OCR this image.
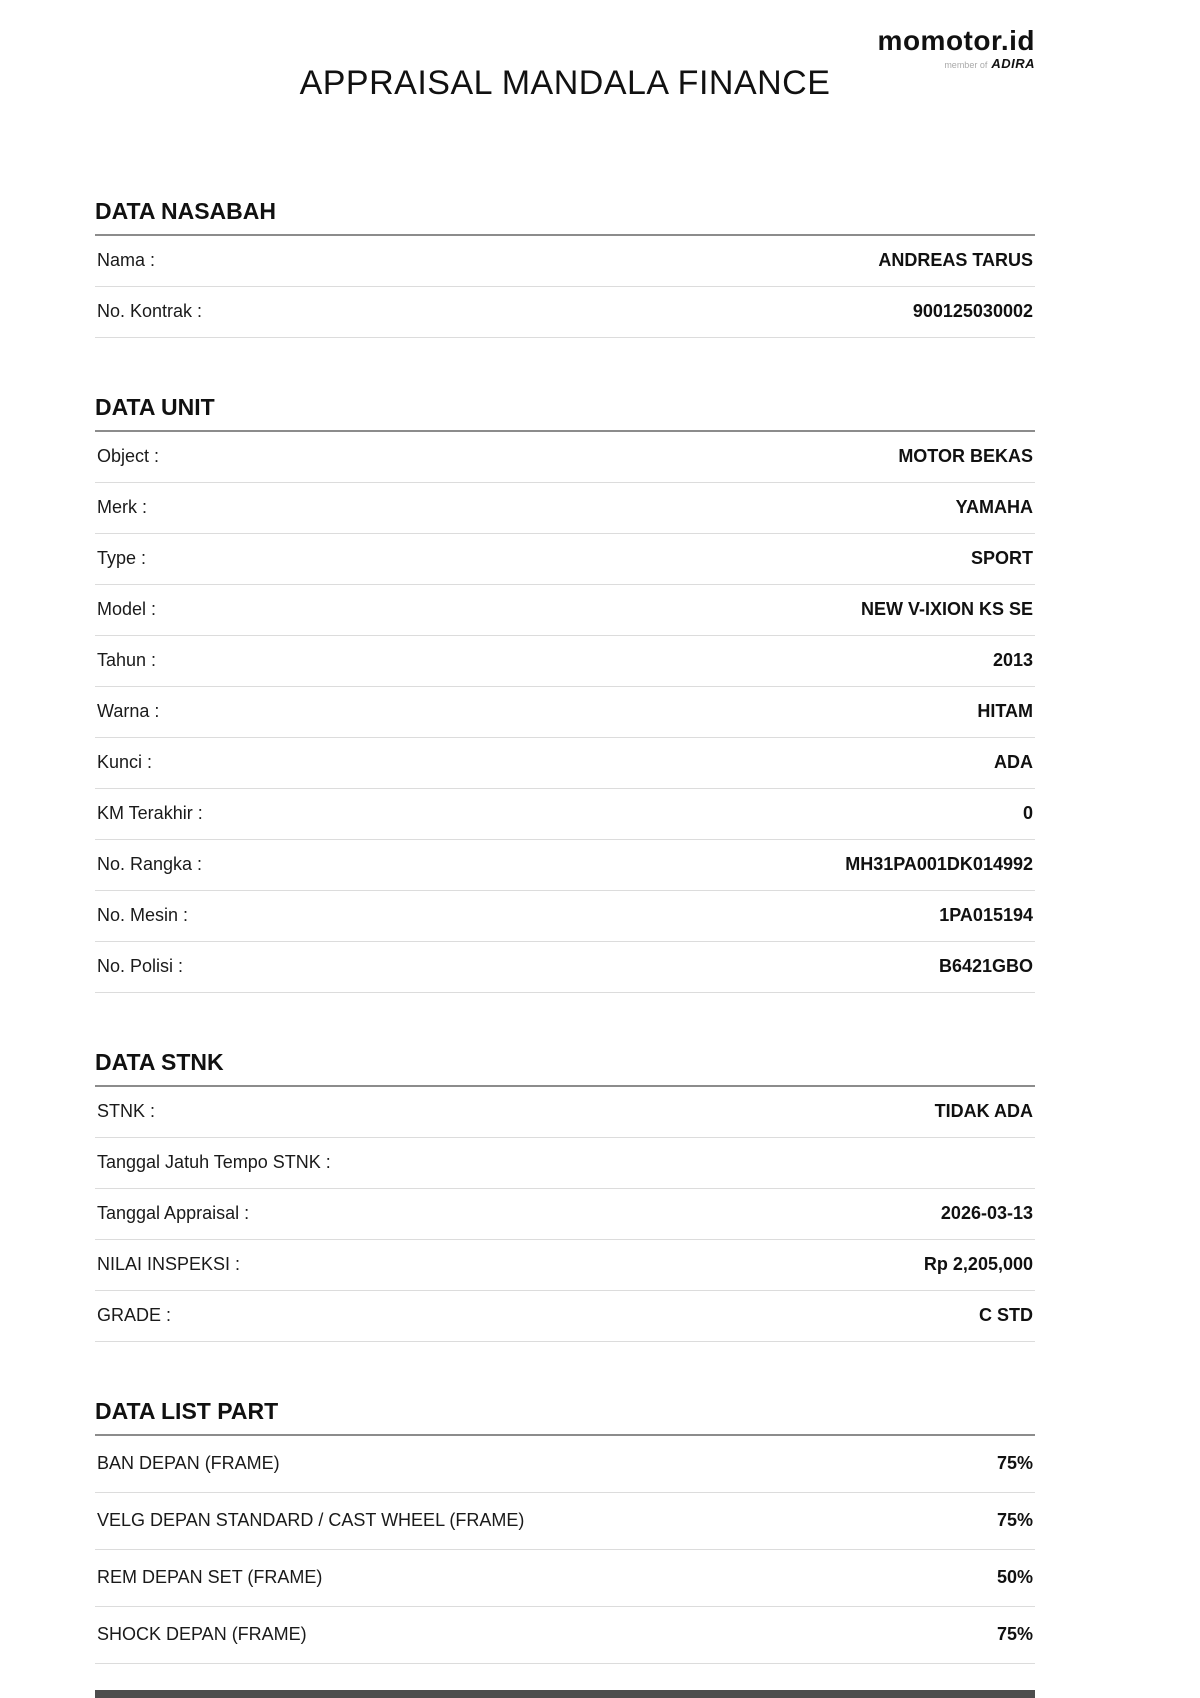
momotor.id
member of ADIRA
APPRAISAL MANDALA FINANCE
DATA NASABAH
Nama :	ANDREAS TARUS
No. Kontrak :	900125030002
DATA UNIT
Object :	MOTOR BEKAS
Merk :	YAMAHA
Type :	SPORT
Model :	NEW V-IXION KS SE
Tahun :	2013
Warna :	HITAM
Kunci :	ADA
KM Terakhir :	0
No. Rangka :	MH31PA001DK014992
No. Mesin :	1PA015194
No. Polisi :	B6421GBO
DATA STNK
STNK :	TIDAK ADA
Tanggal Jatuh Tempo STNK :
Tanggal Appraisal :	2026-03-13
NILAI INSPEKSI :	Rp 2,205,000
GRADE :	C STD
DATA LIST PART
BAN DEPAN (FRAME)	75%
VELG DEPAN STANDARD / CAST WHEEL (FRAME)	75%
REM DEPAN SET (FRAME)	50%
SHOCK DEPAN (FRAME)	75%
